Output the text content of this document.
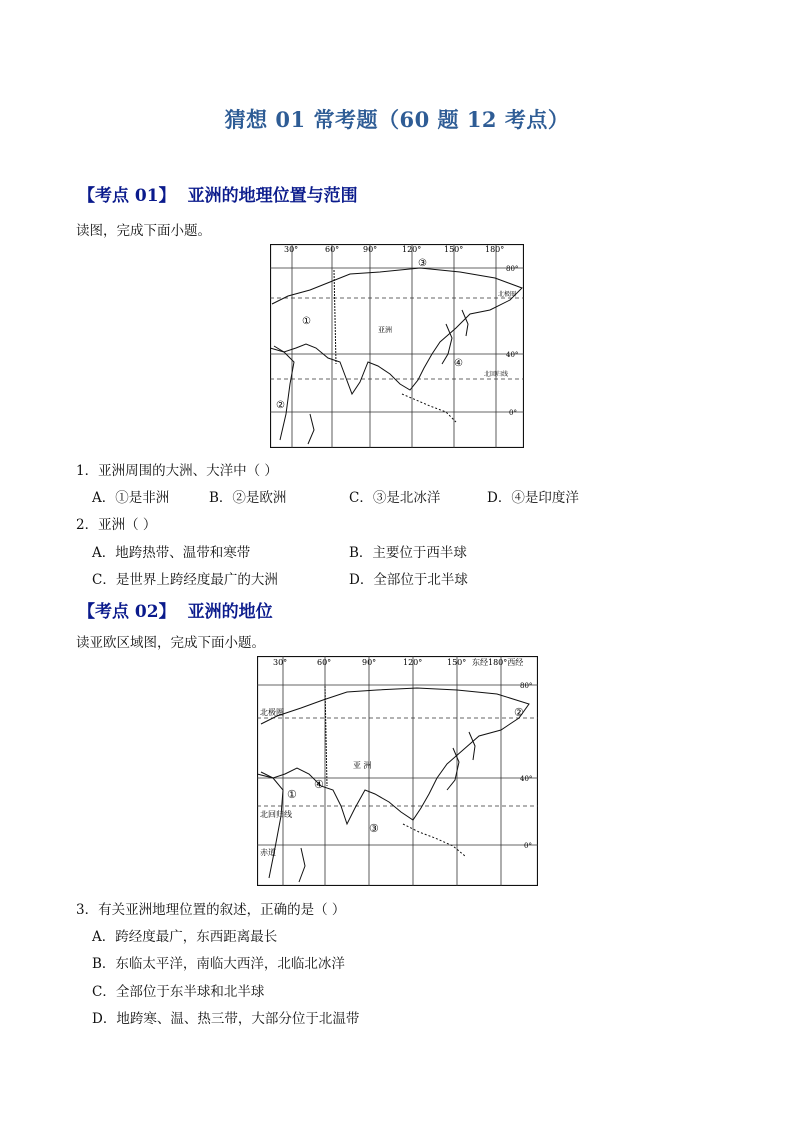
猜想 01 常考题（60 题 12 考点）
【考点 01】 亚洲的地理位置与范围
读图，完成下面小题。
30°	60°	90°	120°	150°	180°
80°
40°
0°
北极圈
北回归线
①
②
③
④
亚洲
1．亚洲周围的大洲、大洋中（ ）
A．①是非洲	B．②是欧洲	C．③是北冰洋	D．④是印度洋
2．亚洲（ ）
A．地跨热带、温带和寒带	B．主要位于西半球
C．是世界上跨经度最广的大洲	D．全部位于北半球
【考点 02】 亚洲的地位
读亚欧区域图，完成下面小题。
30°	60°	90°	120°	150° 东经180°西经
80°
40°
0°
北极圈
北回归线
赤道
①
②
③
④
亚 洲
3．有关亚洲地理位置的叙述，正确的是（ ）
A．跨经度最广，东西距离最长
B．东临太平洋，南临大西洋，北临北冰洋
C．全部位于东半球和北半球
D．地跨寒、温、热三带，大部分位于北温带
